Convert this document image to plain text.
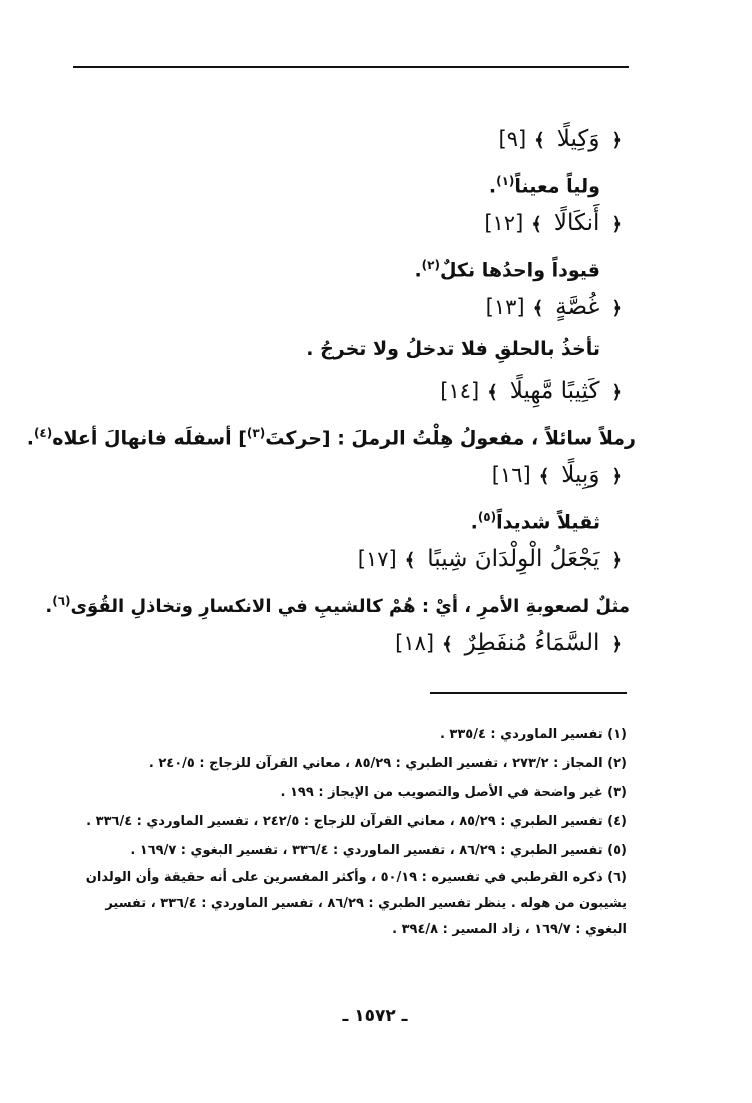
﴿وَكِيلًا﴾[٩]
ولياً معيناً$^{(١)}$.
﴿أَنكَالًا﴾[١٢]
قيوداً واحدُها نكلٌ$^{(٢)}$.
﴿غُصَّةٍ﴾[١٣]
تأخذُ بالحلقِ فلا تدخلُ ولا تخرجُ .
﴿كَثِيبًا مَّهِيلًا﴾[١٤]
رملاً سائلاً ، مفعولُ هِلْتُ الرملَ : [حركتَ$^{(٣)}$] أسفلَه فانهالَ أعلاه$^{(٤)}$.
﴿وَبِيلًا﴾[١٦]
ثقيلاً شديداً$^{(٥)}$.
﴿يَجْعَلُ الْوِلْدَانَ شِيبًا﴾[١٧]
مثلٌ لصعوبةِ الأمرِ ، أيْ : هُمْ كالشيبِ في الانكسارِ وتخاذلِ القُوَى$^{(٦)}$.
﴿السَّمَاءُ مُنفَطِرٌ﴾[١٨]

(١) تفسير الماوردي : ٣٣٥/٤ .

(٢) المجاز : ٢٧٣/٢ ، تفسير الطبري : ٨٥/٢٩ ، معاني القرآن للزجاج : ٢٤٠/٥ .

(٣) غير واضحة في الأصل والتصويب من الإيجاز : ١٩٩ .

(٤) تفسير الطبري : ٨٥/٢٩ ، معاني القرآن للزجاج : ٢٤٢/٥ ، تفسير الماوردي : ٣٣٦/٤ .

(٥) تفسير الطبري : ٨٦/٢٩ ، تفسير الماوردي : ٣٣٦/٤ ، تفسير البغوي : ١٦٩/٧ .

(٦) ذكره القرطبي في تفسيره : ٥٠/١٩ ، وأكثر المفسرين على أنه حقيقة وأن الولدان يشيبون من هوله . ينظر تفسير الطبري : ٨٦/٢٩ ، تفسير الماوردي : ٣٣٦/٤ ، تفسير البغوي : ١٦٩/٧ ، زاد المسير : ٣٩٤/٨ .

ـ ١٥٧٢ ـ
